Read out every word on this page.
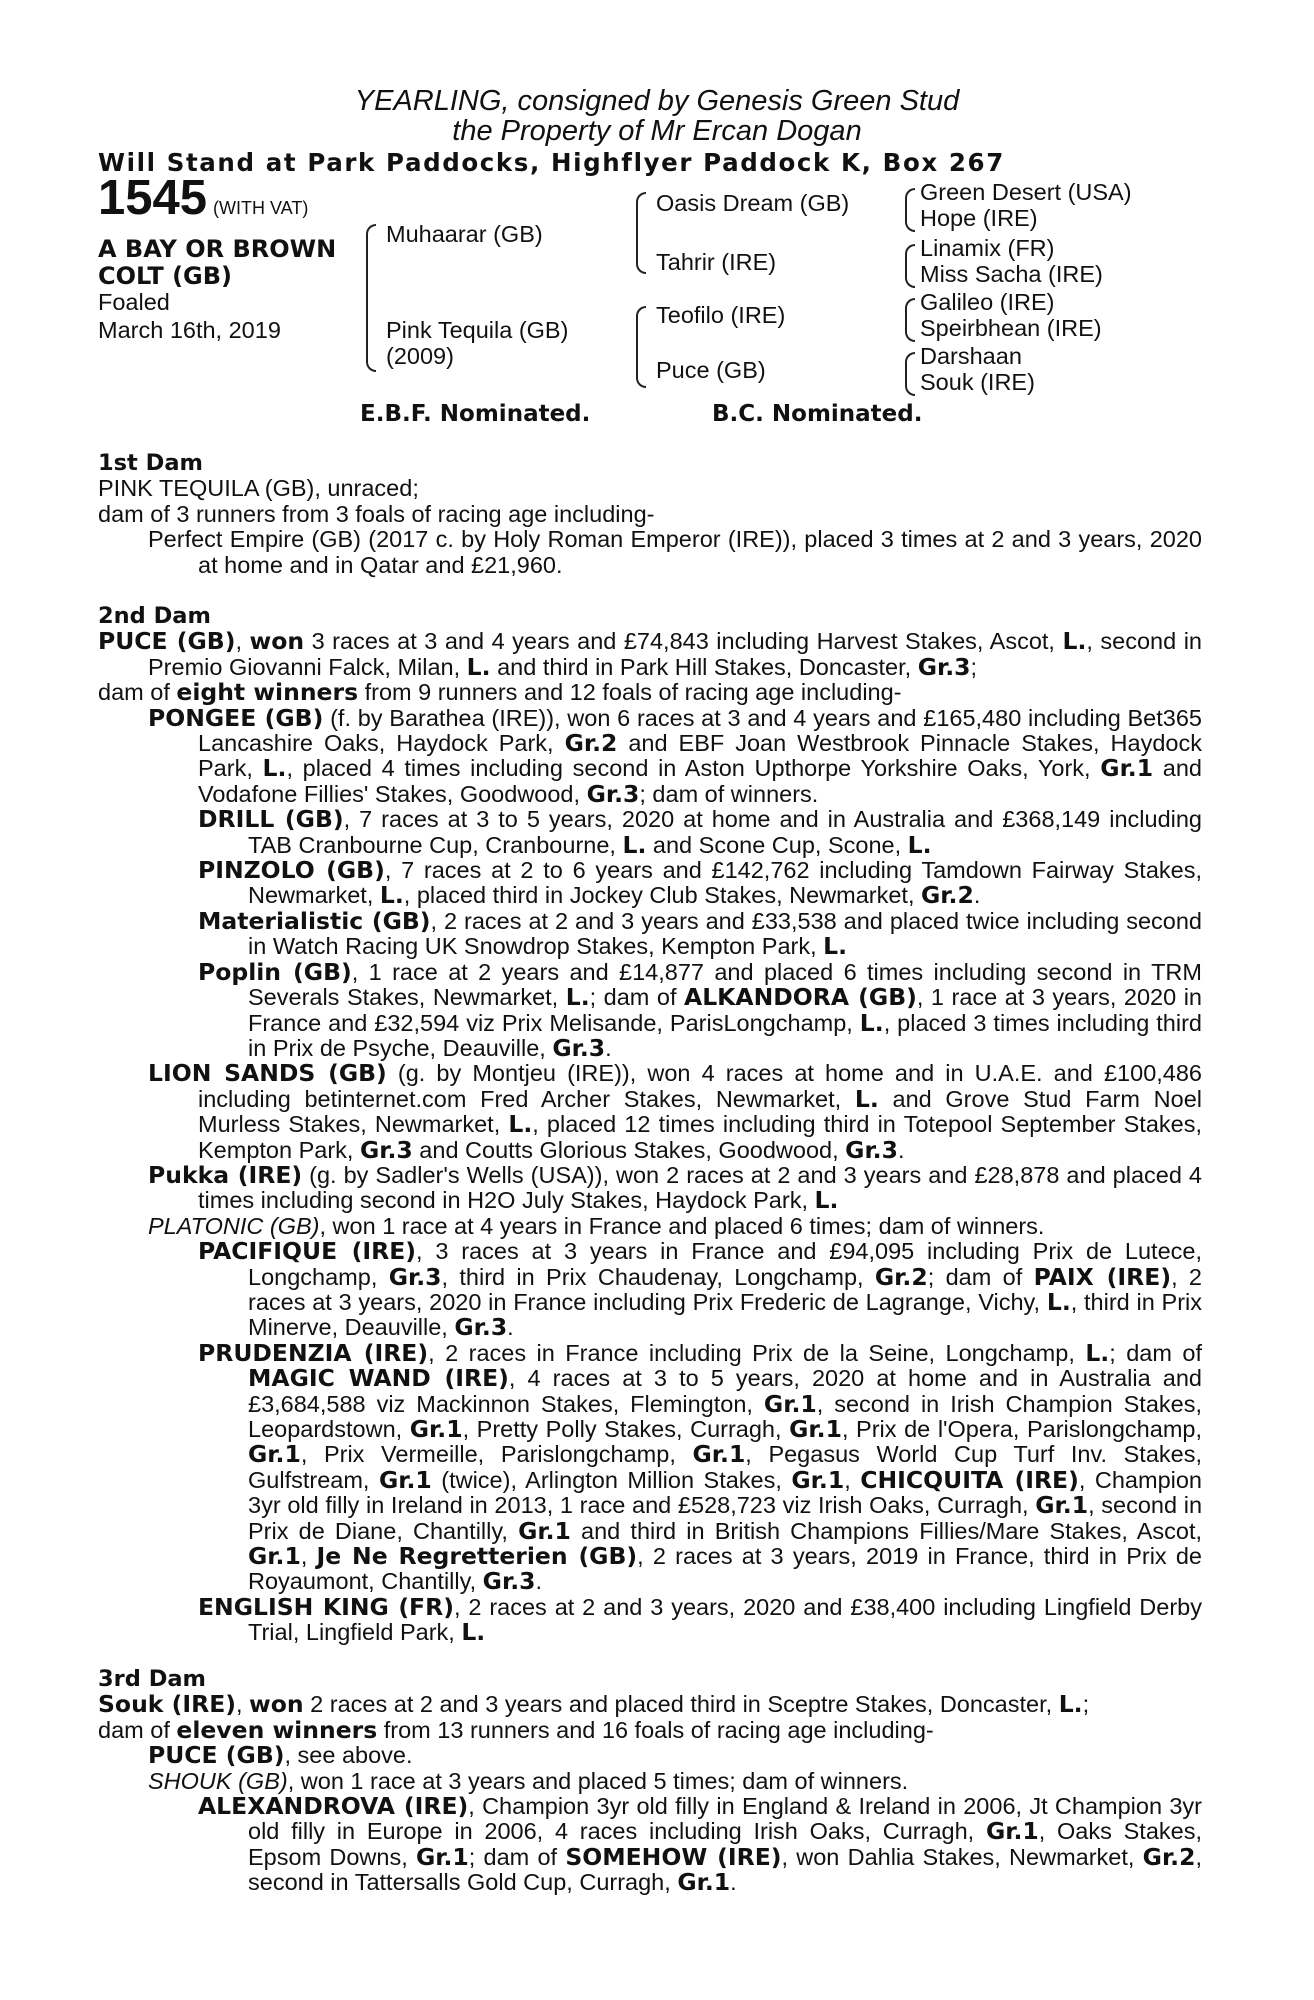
YEARLING, consigned by Genesis Green Stud
the Property of Mr Ercan Dogan
Will Stand at Park Paddocks, Highflyer Paddock K, Box 267
1545 (WITH VAT)
A BAY OR BROWN
COLT (GB)
Foaled
March 16th, 2019
Muhaarar (GB)
Pink Tequila (GB)
(2009)
Oasis Dream (GB)
Tahrir (IRE)
Teofilo (IRE)
Puce (GB)
Green Desert (USA)
Hope (IRE)
Linamix (FR)
Miss Sacha (IRE)
Galileo (IRE)
Speirbhean (IRE)
Darshaan
Souk (IRE)
E.B.F. Nominated.	B.C. Nominated.

1st Dam

PINK TEQUILA (GB), unraced;

dam of 3 runners from 3 foals of racing age including-

Perfect Empire (GB) (2017 c. by Holy Roman Emperor (IRE)), placed 3 times at 2 and 3 years, 2020 at home and in Qatar and £21,960.

2nd Dam

PUCE (GB), won 3 races at 3 and 4 years and £74,843 including Harvest Stakes, Ascot, L., second in Premio Giovanni Falck, Milan, L. and third in Park Hill Stakes, Doncaster, Gr.3;

dam of eight winners from 9 runners and 12 foals of racing age including-

PONGEE (GB) (f. by Barathea (IRE)), won 6 races at 3 and 4 years and £165,480 including Bet365 Lancashire Oaks, Haydock Park, Gr.2 and EBF Joan Westbrook Pinnacle Stakes, Haydock Park, L., placed 4 times including second in Aston Upthorpe Yorkshire Oaks, York, Gr.1 and Vodafone Fillies' Stakes, Goodwood, Gr.3; dam of winners.

DRILL (GB), 7 races at 3 to 5 years, 2020 at home and in Australia and £368,149 including TAB Cranbourne Cup, Cranbourne, L. and Scone Cup, Scone, L.

PINZOLO (GB), 7 races at 2 to 6 years and £142,762 including Tamdown Fairway Stakes, Newmarket, L., placed third in Jockey Club Stakes, Newmarket, Gr.2.

Materialistic (GB), 2 races at 2 and 3 years and £33,538 and placed twice including second in Watch Racing UK Snowdrop Stakes, Kempton Park, L.

Poplin (GB), 1 race at 2 years and £14,877 and placed 6 times including second in TRM Severals Stakes, Newmarket, L.; dam of ALKANDORA (GB), 1 race at 3 years, 2020 in France and £32,594 viz Prix Melisande, ParisLongchamp, L., placed 3 times including third in Prix de Psyche, Deauville, Gr.3.

LION SANDS (GB) (g. by Montjeu (IRE)), won 4 races at home and in U.A.E. and £100,486 including betinternet.com Fred Archer Stakes, Newmarket, L. and Grove Stud Farm Noel Murless Stakes, Newmarket, L., placed 12 times including third in Totepool September Stakes, Kempton Park, Gr.3 and Coutts Glorious Stakes, Goodwood, Gr.3.

Pukka (IRE) (g. by Sadler's Wells (USA)), won 2 races at 2 and 3 years and £28,878 and placed 4 times including second in H2O July Stakes, Haydock Park, L.

PLATONIC (GB), won 1 race at 4 years in France and placed 6 times; dam of winners.

PACIFIQUE (IRE), 3 races at 3 years in France and £94,095 including Prix de Lutece, Longchamp, Gr.3, third in Prix Chaudenay, Longchamp, Gr.2; dam of PAIX (IRE), 2 races at 3 years, 2020 in France including Prix Frederic de Lagrange, Vichy, L., third in Prix Minerve, Deauville, Gr.3.

PRUDENZIA (IRE), 2 races in France including Prix de la Seine, Longchamp, L.; dam of MAGIC WAND (IRE), 4 races at 3 to 5 years, 2020 at home and in Australia and £3,684,588 viz Mackinnon Stakes, Flemington, Gr.1, second in Irish Champion Stakes, Leopardstown, Gr.1, Pretty Polly Stakes, Curragh, Gr.1, Prix de l'Opera, Parislongchamp, Gr.1, Prix Vermeille, Parislongchamp, Gr.1, Pegasus World Cup Turf Inv. Stakes, Gulfstream, Gr.1 (twice), Arlington Million Stakes, Gr.1, CHICQUITA (IRE), Champion 3yr old filly in Ireland in 2013, 1 race and £528,723 viz Irish Oaks, Curragh, Gr.1, second in Prix de Diane, Chantilly, Gr.1 and third in British Champions Fillies/Mare Stakes, Ascot, Gr.1, Je Ne Regretterien (GB), 2 races at 3 years, 2019 in France, third in Prix de Royaumont, Chantilly, Gr.3.

ENGLISH KING (FR), 2 races at 2 and 3 years, 2020 and £38,400 including Lingfield Derby Trial, Lingfield Park, L.

3rd Dam

Souk (IRE), won 2 races at 2 and 3 years and placed third in Sceptre Stakes, Doncaster, L.;

dam of eleven winners from 13 runners and 16 foals of racing age including-

PUCE (GB), see above.

SHOUK (GB), won 1 race at 3 years and placed 5 times; dam of winners.

ALEXANDROVA (IRE), Champion 3yr old filly in England & Ireland in 2006, Jt Champion 3yr old filly in Europe in 2006, 4 races including Irish Oaks, Curragh, Gr.1, Oaks Stakes, Epsom Downs, Gr.1; dam of SOMEHOW (IRE), won Dahlia Stakes, Newmarket, Gr.2, second in Tattersalls Gold Cup, Curragh, Gr.1.
